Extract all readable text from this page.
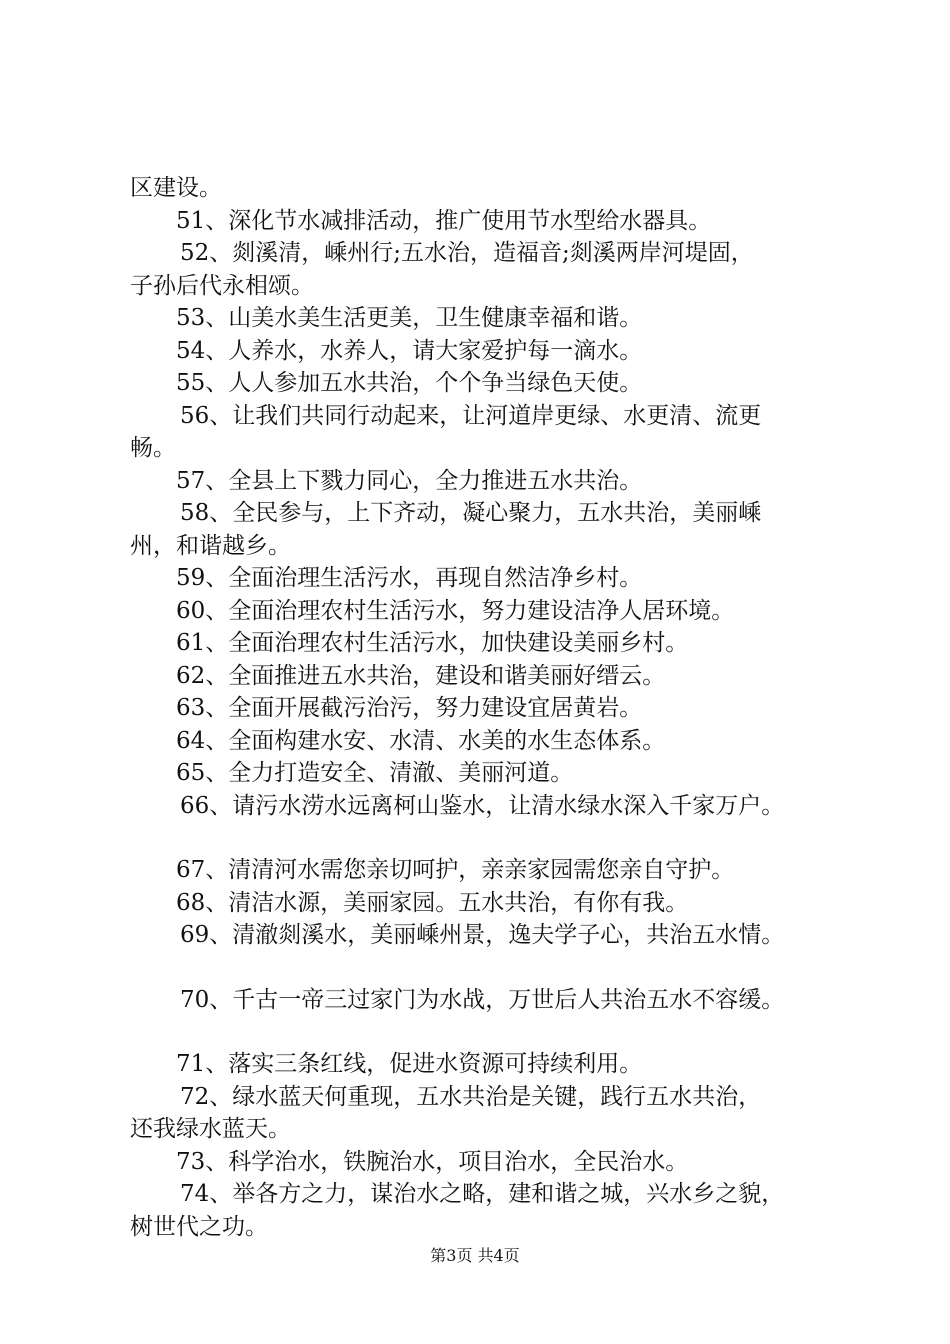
区建设。
51、深化节水减排活动，推广使用节水型给水器具。
52、剡溪清，嵊州行;五水治，造福音;剡溪两岸河堤固，
子孙后代永相颂。
53、山美水美生活更美，卫生健康幸福和谐。
54、人养水，水养人，请大家爱护每一滴水。
55、人人参加五水共治，个个争当绿色天使。
56、让我们共同行动起来，让河道岸更绿、水更清、流更
畅。
57、全县上下戮力同心，全力推进五水共治。
58、全民参与，上下齐动，凝心聚力，五水共治，美丽嵊
州，和谐越乡。
59、全面治理生活污水，再现自然洁净乡村。
60、全面治理农村生活污水，努力建设洁净人居环境。
61、全面治理农村生活污水，加快建设美丽乡村。
62、全面推进五水共治，建设和谐美丽好缙云。
63、全面开展截污治污，努力建设宜居黄岩。
64、全面构建水安、水清、水美的水生态体系。
65、全力打造安全、清澈、美丽河道。
66、请污水涝水远离柯山鉴水，让清水绿水深入千家万户。
67、清清河水需您亲切呵护，亲亲家园需您亲自守护。
68、清洁水源，美丽家园。五水共治，有你有我。
69、清澈剡溪水，美丽嵊州景，逸夫学子心，共治五水情。
70、千古一帝三过家门为水战，万世后人共治五水不容缓。
71、落实三条红线，促进水资源可持续利用。
72、绿水蓝天何重现，五水共治是关键，践行五水共治，
还我绿水蓝天。
73、科学治水，铁腕治水，项目治水，全民治水。
74、举各方之力，谋治水之略，建和谐之城，兴水乡之貌，
树世代之功。
第3页 共4页
